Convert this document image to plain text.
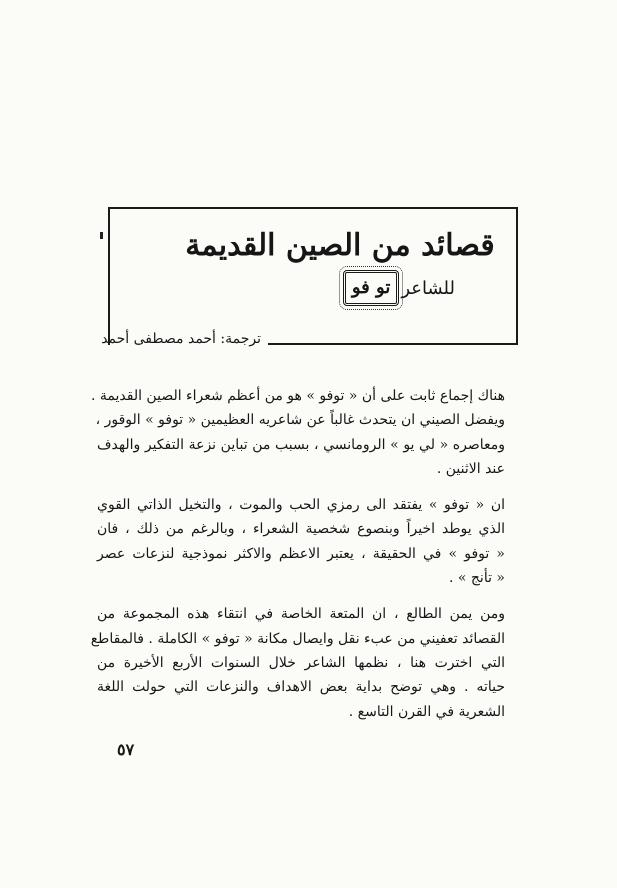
قصائد من الصين القديمة
للشاعر
تو فو
ترجمة: أحمد مصطفى أحمد

هناك إجماع ثابت على أن « توفو » هو من أعظم شعراء الصين القديمة .
ويفضل الصيني ان يتحدث غالباً عن شاعريه العظيمين « توفو » الوقور ،
ومعاصره « لي يو » الرومانسي ، بسبب من تباين نزعة التفكير والهدف
عند الاثنين .

ان « توفو » يفتقد الى رمزي الحب والموت ، والتخيل الذاتي القوي
الذي يوطد اخيراً وبنصوع شخصية الشعراء ، وبالرغم من ذلك ، فان
« توفو » في الحقيقة ، يعتبر الاعظم والاكثر نموذجية لنزعات عصر
« تأنج » .

ومن يمن الطالع ، ان المتعة الخاصة في انتقاء هذه المجموعة من
القصائد تعفيني من عبء نقل وايصال مكانة « توفو » الكاملة . فالمقاطع
التي اخترت هنا ، نظمها الشاعر خلال السنوات الأربع الأخيرة من
حياته . وهي توضح بداية بعض الاهداف والنزعات التي حولت اللغة
الشعرية في القرن التاسع .

٥٧
